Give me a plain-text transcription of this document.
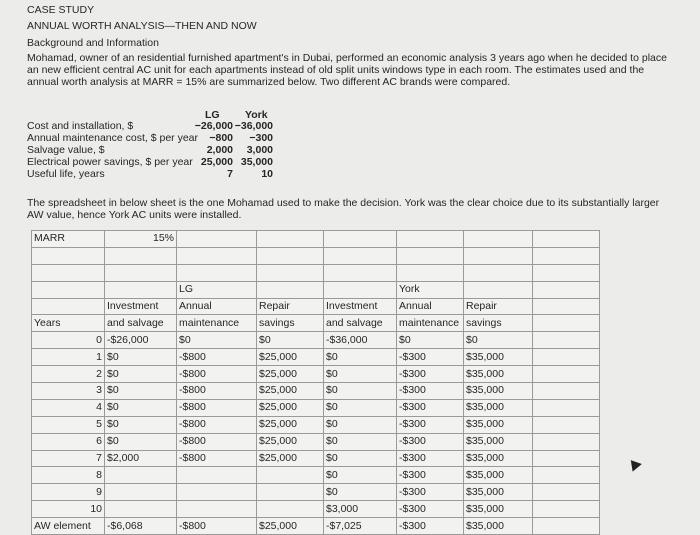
CASE STUDY
ANNUAL WORTH ANALYSIS—THEN AND NOW
Background and Information
Mohamad, owner of an residential furnished apartment's in Dubai, performed an economic analysis 3 years ago when he decided to place an new efficient central AC unit for each apartments instead of old split units windows type in each room. The estimates used and the annual worth analysis at MARR = 15% are summarized below. Two different AC brands were compared.
LG York
Cost and installation, $	−26,000 −36,000
Annual maintenance cost, $ per year	−800	−300
Salvage value, $	2,000	3,000
Electrical power savings, $ per year 25,000 35,000
Useful life, years	7	10
The spreadsheet in below sheet is the one Mohamad used to make the decision. York was the clear choice due to its substantially larger AW value, hence York AC units were installed.
MARR	15%						

		LG			York		
	Investment	Annual	Repair	Investment	Annual	Repair	
Years	and salvage	maintenance	savings	and salvage	maintenance	savings	
0	-$26,000	$0	$0	-$36,000	$0	$0	
1	$0	-$800	$25,000	$0	-$300	$35,000	
2	$0	-$800	$25,000	$0	-$300	$35,000	
3	$0	-$800	$25,000	$0	-$300	$35,000	
4	$0	-$800	$25,000	$0	-$300	$35,000	
5	$0	-$800	$25,000	$0	-$300	$35,000	
6	$0	-$800	$25,000	$0	-$300	$35,000	
7	$2,000	-$800	$25,000	$0	-$300	$35,000	
8				$0	-$300	$35,000	
9				$0	-$300	$35,000	
10				$3,000	-$300	$35,000	
AW element	-$6,068	-$800	$25,000	-$7,025	-$300	$35,000	
